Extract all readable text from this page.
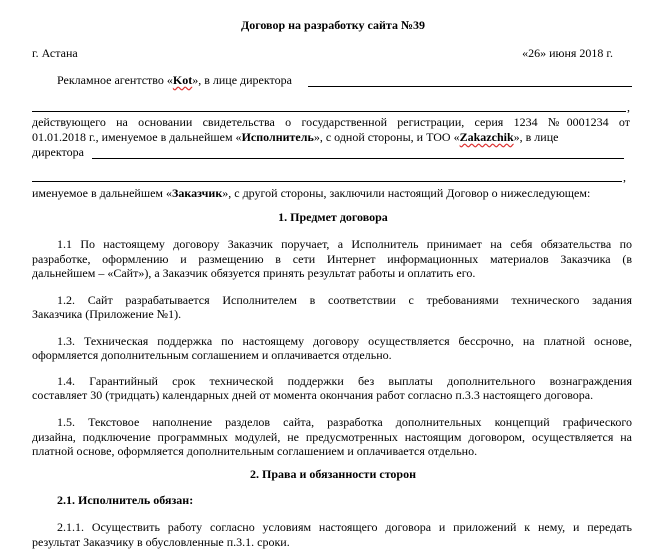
Договор на разработку сайта №39
г. Астана	«26» июня 2018 г.
Рекламное агентство «Kot», в лице директора
,
действующего на основании свидетельства о государственной регистрации, серия 1234 №0001234 от
01.01.2018 г., именуемое в дальнейшем «Исполнитель», с одной стороны, и ТОО «Zakazchik», в лице
директора
,
именуемое в дальнейшем «Заказчик», с другой стороны, заключили настоящий Договор о нижеследующем:
1. Предмет договора
1.1 По настоящему договору Заказчик поручает, а Исполнитель принимает на себя обязательства по
разработке, оформлению и размещению в сети Интернет информационных материалов Заказчика (в
дальнейшем – «Сайт»), а Заказчик обязуется принять результат работы и оплатить его.
1.2. Сайт разрабатывается Исполнителем в соответствии с требованиями технического задания
Заказчика (Приложение №1).
1.3. Техническая поддержка по настоящему договору осуществляется бессрочно, на платной основе,
оформляется дополнительным соглашением и оплачивается отдельно.
1.4. Гарантийный срок технической поддержки без выплаты дополнительного вознаграждения
составляет 30 (тридцать) календарных дней от момента окончания работ согласно п.3.3 настоящего договора.
1.5. Текстовое наполнение разделов сайта, разработка дополнительных концепций графического
дизайна, подключение программных модулей, не предусмотренных настоящим договором, осуществляется на
платной основе, оформляется дополнительным соглашением и оплачивается отдельно.
2. Права и обязанности сторон
2.1. Исполнитель обязан:
2.1.1. Осуществить работу согласно условиям настоящего договора и приложений к нему, и передать
результат Заказчику в обусловленные п.3.1. сроки.
